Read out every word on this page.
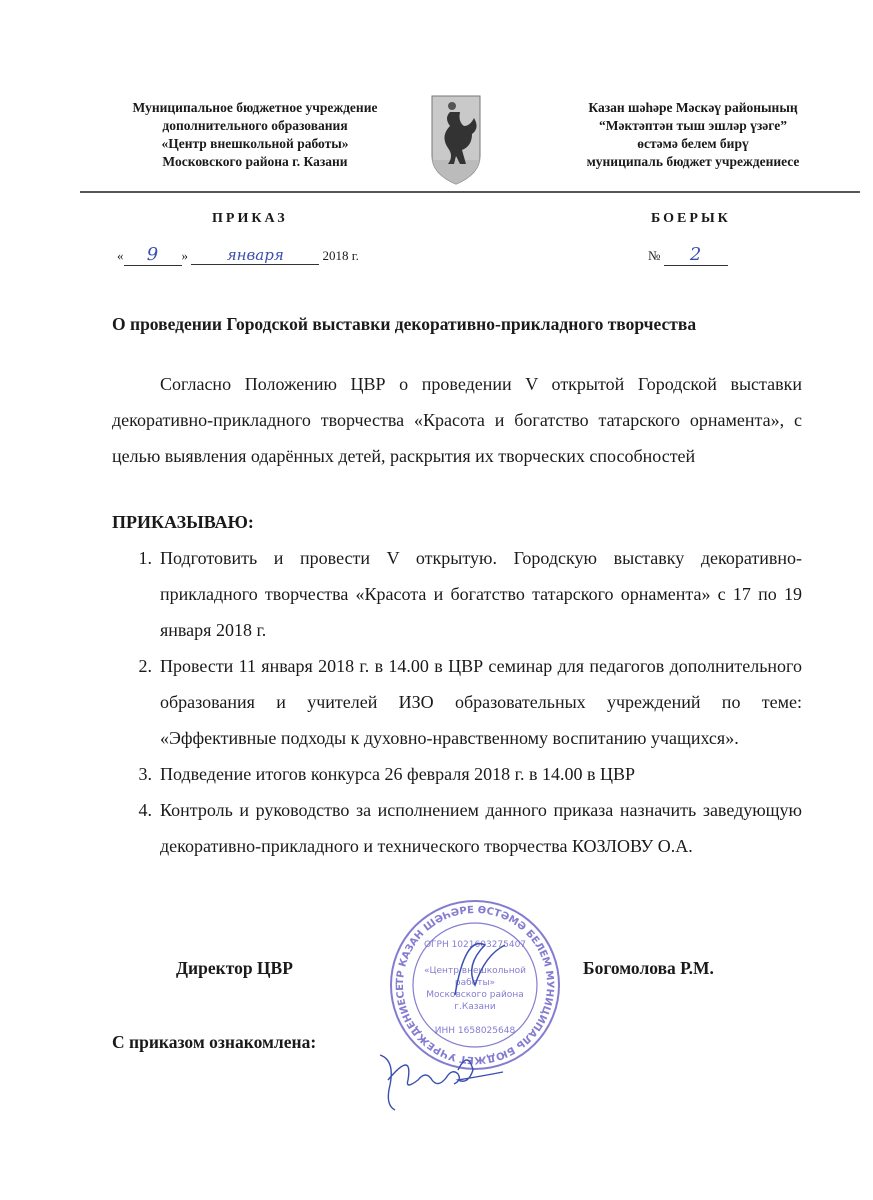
Муниципальное бюджетное учреждение
дополнительного образования
«Центр внешкольной работы»
Московского района г. Казани
Казан шәһәре Мәскәү районының
“Мәктәптән тыш эшләр үзәге”
өстәмә белем бирү
муниципаль бюджет учреждениесе
ПРИКАЗ	БОЕРЫК
« 9 » января	2018 г.	№ 2
О проведении Городской выставки декоративно-прикладного творчества
Согласно Положению ЦВР о проведении V открытой Городской выставки декоративно-прикладного творчества «Красота и богатство татарского орнамента», с целью выявления одарённых детей, раскрытия их творческих способностей
ПРИКАЗЫВАЮ:
1. Подготовить и провести V открытую. Городскую выставку декоративно-прикладного творчества «Красота и богатство татарского орнамента» с 17 по 19 января 2018 г.
2. Провести 11 января 2018 г. в 14.00 в ЦВР семинар для педагогов дополнительного образования и учителей ИЗО образовательных учреждений по теме: «Эффективные подходы к духовно-нравственному воспитанию учащихся».
3. Подведение итогов конкурса 26 февраля 2018 г. в 14.00 в ЦВР
4. Контроль и руководство за исполнением данного приказа назначить заведующую декоративно-прикладного и технического творчества КОЗЛОВУ О.А.
Директор ЦВР	Богомолова Р.М.
С приказом ознакомлена:
ТР КАЗАН ШӘҺӘРЕ ӨСТӘМӘ БЕЛЕМ МУНИЦИПАЛЬ БЮДЖЕТ УЧРЕЖДЕНИЕСЕ
ОГРН 1021603275407
«Центр внешкольной
работы»
Московского района
г.Казани
ИНН 1658025648
